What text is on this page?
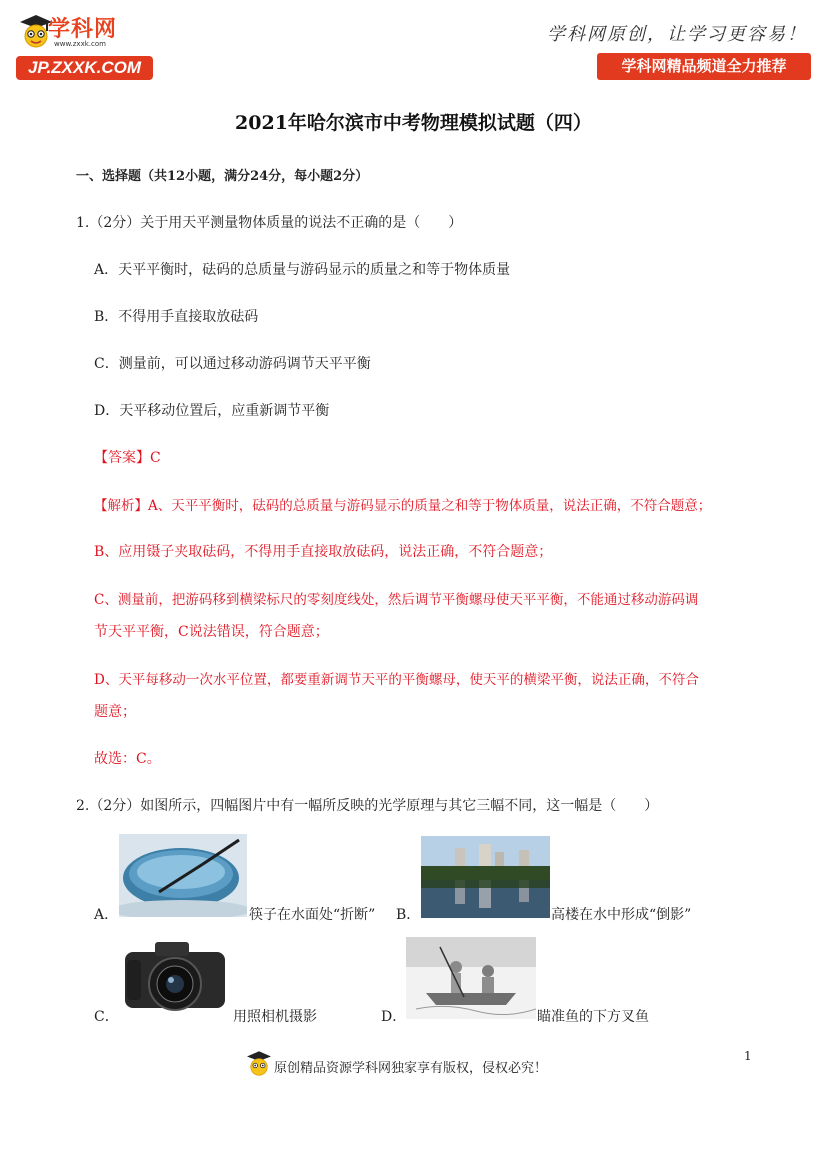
学科网
www.zxxk.com
JP.ZXXK.COM
学科网原创，让学习更容易！
学科网精品频道全力推荐
2021年哈尔滨市中考物理模拟试题（四）
一、选择题（共12小题，满分24分，每小题2分）
1.（2分）关于用天平测量物体质量的说法不正确的是（　　）
A．天平平衡时，砝码的总质量与游码显示的质量之和等于物体质量
B．不得用手直接取放砝码
C．测量前，可以通过移动游码调节天平平衡
D．天平移动位置后，应重新调节平衡
【答案】C
【解析】A、天平平衡时，砝码的总质量与游码显示的质量之和等于物体质量，说法正确，不符合题意；
B、应用镊子夹取砝码，不得用手直接取放砝码，说法正确，不符合题意；
C、测量前，把游码移到横梁标尺的零刻度线处，然后调节平衡螺母使天平平衡，不能通过移动游码调
节天平平衡，C说法错误，符合题意；
D、天平每移动一次水平位置，都要重新调节天平的平衡螺母，使天平的横梁平衡，说法正确，不符合
题意；
故选：C。
2.（2分）如图所示，四幅图片中有一幅所反映的光学原理与其它三幅不同，这一幅是（　　）
A．	筷子在水面处“折断” B．	高楼在水中形成“倒影”
C．	用照相机摄影	D．	瞄准鱼的下方叉鱼
原创精品资源学科网独家享有版权，侵权必究！
1
